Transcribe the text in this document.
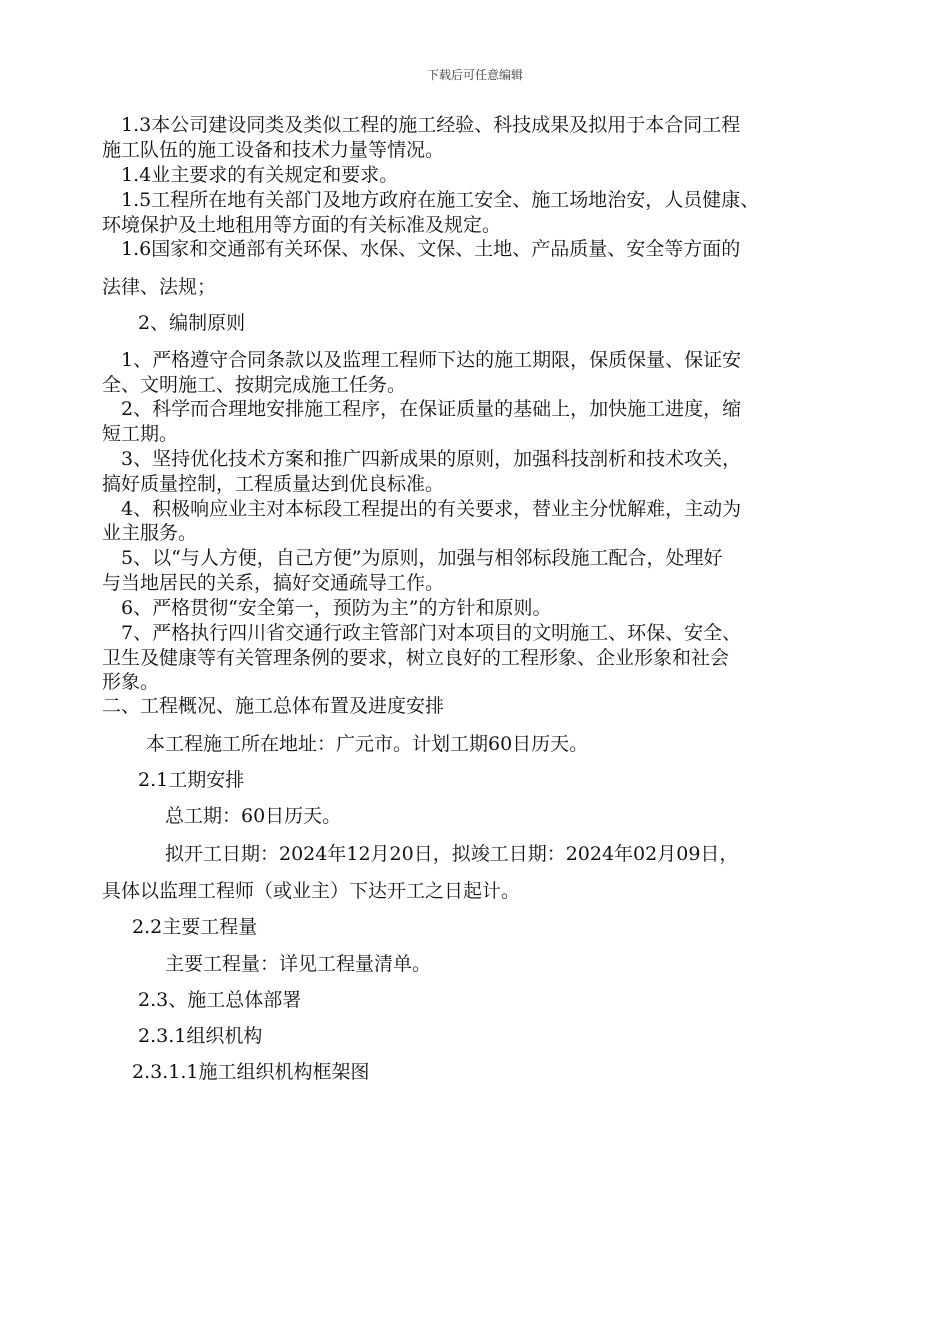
下载后可任意编辑
1.3本公司建设同类及类似工程的施工经验、科技成果及拟用于本合同工程
施工队伍的施工设备和技术力量等情况。
1.4业主要求的有关规定和要求。
1.5工程所在地有关部门及地方政府在施工安全、施工场地治安，人员健康、
环境保护及土地租用等方面的有关标准及规定。
1.6国家和交通部有关环保、水保、文保、土地、产品质量、安全等方面的
法律、法规；
2、编制原则
1、严格遵守合同条款以及监理工程师下达的施工期限，保质保量、保证安
全、文明施工、按期完成施工任务。
2、科学而合理地安排施工程序，在保证质量的基础上，加快施工进度，缩
短工期。
3、坚持优化技术方案和推广四新成果的原则，加强科技剖析和技术攻关，
搞好质量控制，工程质量达到优良标准。
4、积极响应业主对本标段工程提出的有关要求，替业主分忧解难，主动为
业主服务。
5、以“与人方便，自己方便”为原则，加强与相邻标段施工配合，处理好
与当地居民的关系，搞好交通疏导工作。
6、严格贯彻“安全第一，预防为主”的方针和原则。
7、严格执行四川省交通行政主管部门对本项目的文明施工、环保、安全、
卫生及健康等有关管理条例的要求，树立良好的工程形象、企业形象和社会
形象。
二、工程概况、施工总体布置及进度安排
本工程施工所在地址：广元市。计划工期60日历天。
2.1工期安排
总工期：60日历天。
拟开工日期：2024年12月20日，拟竣工日期：2024年02月09日，
具体以监理工程师（或业主）下达开工之日起计。
2.2主要工程量
主要工程量：详见工程量清单。
2.3、施工总体部署
2.3.1组织机构
2.3.1.1施工组织机构框架图
